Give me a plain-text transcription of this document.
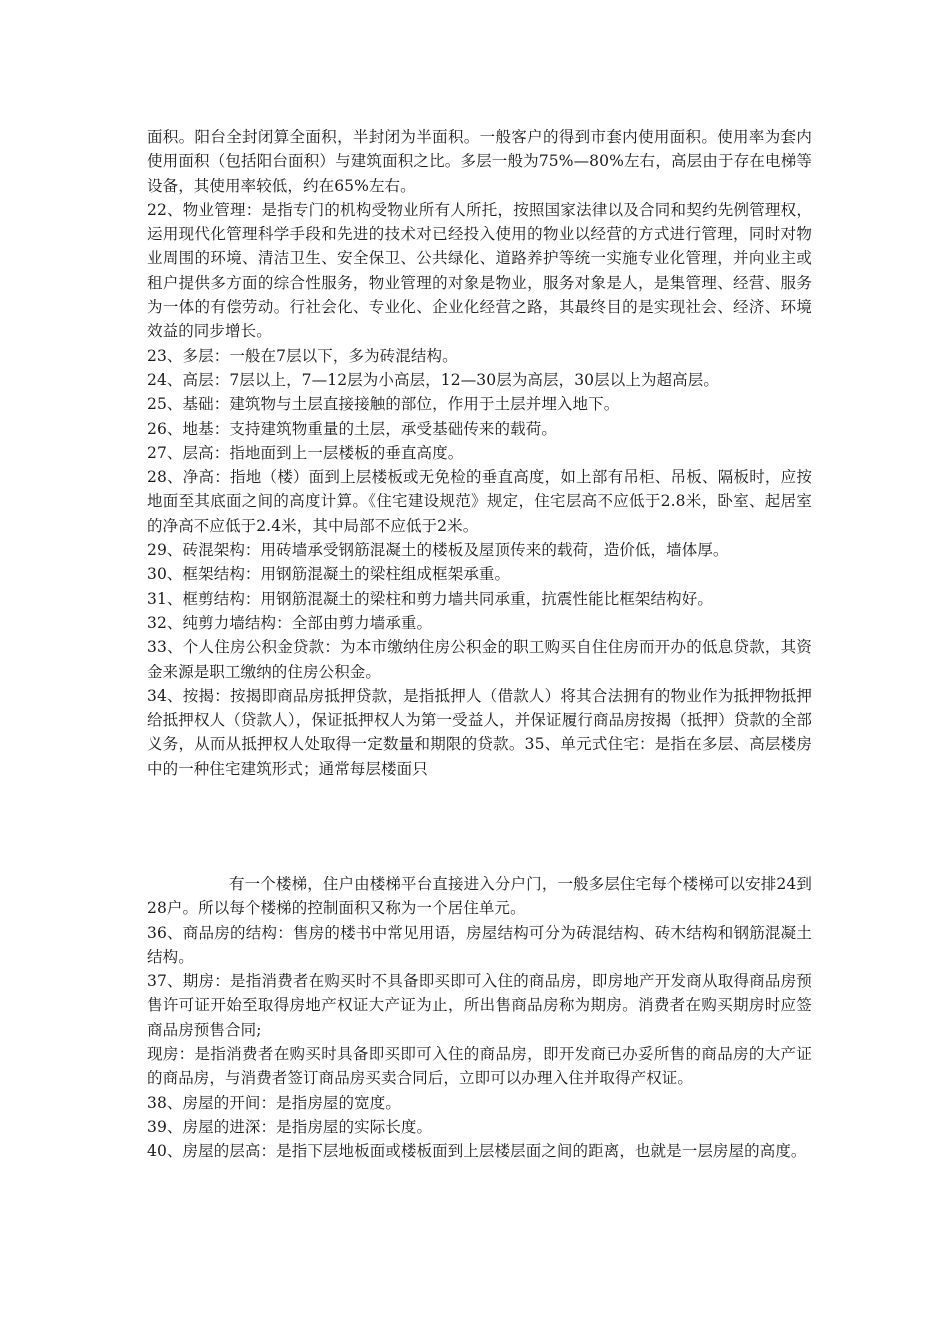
面积。阳台全封闭算全面积，半封闭为半面积。一般客户的得到市套内使用面积。使用率为套内使用面积（包括阳台面积）与建筑面积之比。多层一般为75%—80%左右，高层由于存在电梯等设备，其使用率较低，约在65%左右。

22、物业管理：是指专门的机构受物业所有人所托，按照国家法律以及合同和契约先例管理权，运用现代化管理科学手段和先进的技术对已经投入使用的物业以经营的方式进行管理，同时对物业周围的环境、清洁卫生、安全保卫、公共绿化、道路养护等统一实施专业化管理，并向业主或租户提供多方面的综合性服务，物业管理的对象是物业，服务对象是人，是集管理、经营、服务为一体的有偿劳动。行社会化、专业化、企业化经营之路，其最终目的是实现社会、经济、环境效益的同步增长。

23、多层：一般在7层以下，多为砖混结构。

24、高层：7层以上，7—12层为小高层，12—30层为高层，30层以上为超高层。

25、基础：建筑物与土层直接接触的部位，作用于土层并埋入地下。

26、地基：支持建筑物重量的土层，承受基础传来的载荷。

27、层高：指地面到上一层楼板的垂直高度。

28、净高：指地（楼）面到上层楼板或无免检的垂直高度，如上部有吊柜、吊板、隔板时，应按地面至其底面之间的高度计算。《住宅建设规范》规定，住宅层高不应低于2.8米，卧室、起居室的净高不应低于2.4米，其中局部不应低于2米。

29、砖混架构：用砖墙承受钢筋混凝土的楼板及屋顶传来的载荷，造价低，墙体厚。

30、框架结构：用钢筋混凝土的梁柱组成框架承重。

31、框剪结构：用钢筋混凝土的梁柱和剪力墙共同承重，抗震性能比框架结构好。

32、纯剪力墙结构：全部由剪力墙承重。

33、个人住房公积金贷款：为本市缴纳住房公积金的职工购买自住住房而开办的低息贷款，其资金来源是职工缴纳的住房公积金。

34、按揭：按揭即商品房抵押贷款，是指抵押人（借款人）将其合法拥有的物业作为抵押物抵押给抵押权人（贷款人），保证抵押权人为第一受益人，并保证履行商品房按揭（抵押）贷款的全部义务，从而从抵押权人处取得一定数量和期限的贷款。35、单元式住宅：是指在多层、高层楼房中的一种住宅建筑形式；通常每层楼面只

有一个楼梯，住户由楼梯平台直接进入分户门，一般多层住宅每个楼梯可以安排24到28户。所以每个楼梯的控制面积又称为一个居住单元。

36、商品房的结构：售房的楼书中常见用语，房屋结构可分为砖混结构、砖木结构和钢筋混凝土结构。

37、期房：是指消费者在购买时不具备即买即可入住的商品房，即房地产开发商从取得商品房预售许可证开始至取得房地产权证大产证为止，所出售商品房称为期房。消费者在购买期房时应签商品房预售合同;

现房：是指消费者在购买时具备即买即可入住的商品房，即开发商已办妥所售的商品房的大产证的商品房，与消费者签订商品房买卖合同后，立即可以办理入住并取得产权证。

38、房屋的开间：是指房屋的宽度。

39、房屋的进深：是指房屋的实际长度。

40、房屋的层高：是指下层地板面或楼板面到上层楼层面之间的距离，也就是一层房屋的高度。
